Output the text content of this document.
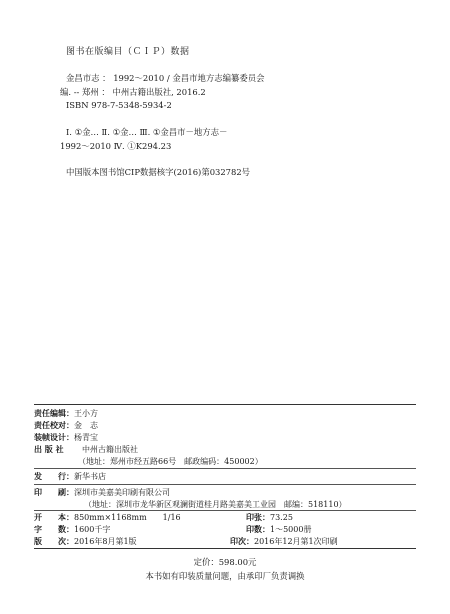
图书在版编目（ＣＩＰ）数据
金昌市志 ： 1992～2010 / 金昌市地方志编纂委员会
编. -- 郑州 ： 中州古籍出版社, 2016.2
ISBN 978-7-5348-5934-2
Ⅰ. ①金… Ⅱ. ①金… Ⅲ. ①金昌市－地方志－
1992～2010 Ⅳ. ①K294.23
中国版本图书馆CIP数据核字(2016)第032782号
责任编辑：王小方
责任校对：金　志
装帧设计：杨青宝
出 版 社 中州古籍出版社
（地址：郑州市经五路66号　邮政编码：450002）
发　　行：新华书店
印　　刷：深圳市美嘉美印刷有限公司
（地址：深圳市龙华新区观澜街道桂月路美嘉美工业园　邮编：518110）
开　　本：850mm×1168mm　　1/16	印张：73.25
字　　数：1600千字	印数：1～5000册
版　　次：2016年8月第1版	印次：2016年12月第1次印刷
定价：598.00元
本书如有印装质量问题，由承印厂负责调换
